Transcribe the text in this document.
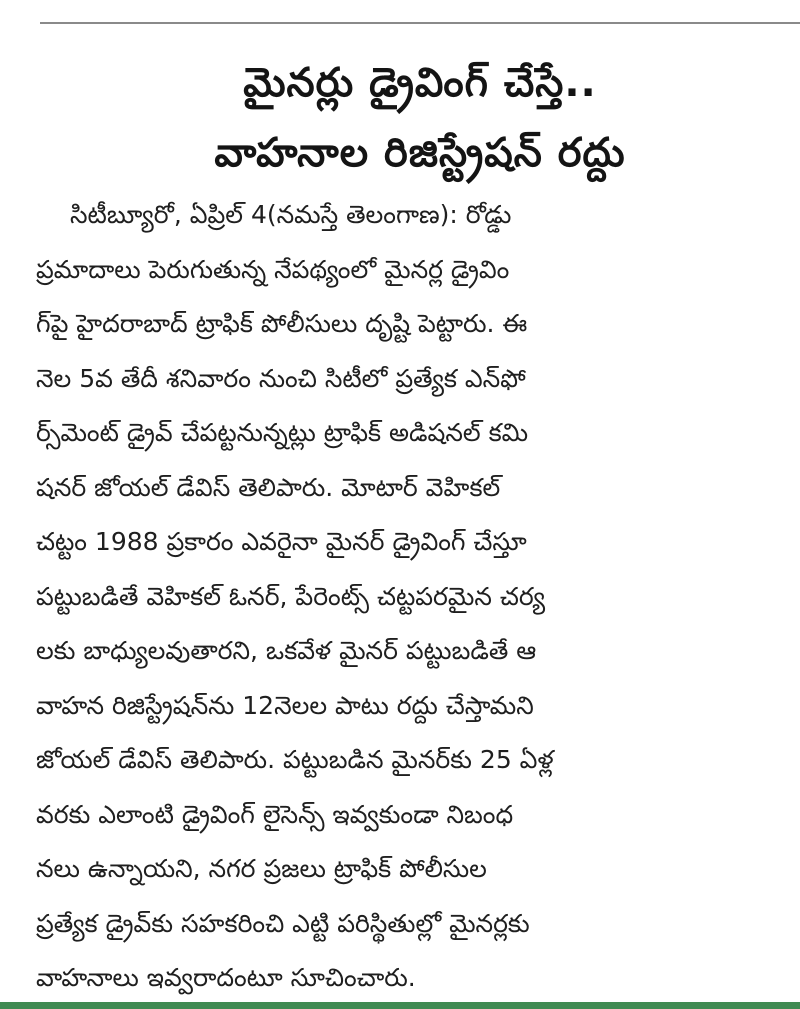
మైనర్లు డ్రైవింగ్ చేస్తే..
వాహనాల రిజిస్ట్రేషన్ రద్దు
సిటీబ్యూరో, ఏప్రిల్ 4(నమస్తే తెలంగాణ): రోడ్డు
ప్రమాదాలు పెరుగుతున్న నేపథ్యంలో మైనర్ల డ్రైవిం
గ్‌పై హైదరాబాద్ ట్రాఫిక్ పోలీసులు దృష్టి పెట్టారు. ఈ
నెల 5వ తేదీ శనివారం నుంచి సిటీలో ప్రత్యేక ఎన్‌ఫో
ర్స్‌మెంట్ డ్రైవ్ చేపట్టనున్నట్లు ట్రాఫిక్ అడిషనల్ కమి
షనర్ జోయల్ డేవిస్ తెలిపారు. మోటార్ వెహికల్
చట్టం 1988 ప్రకారం ఎవరైనా మైనర్ డ్రైవింగ్ చేస్తూ
పట్టుబడితే వెహికల్ ఓనర్, పేరెంట్స్ చట్టపరమైన చర్య
లకు బాధ్యులవుతారని, ఒకవేళ మైనర్ పట్టుబడితే ఆ
వాహన రిజిస్ట్రేషన్‌ను 12నెలల పాటు రద్దు చేస్తామని
జోయల్ డేవిస్ తెలిపారు. పట్టుబడిన మైనర్‌కు 25 ఏళ్ల
వరకు ఎలాంటి డ్రైవింగ్ లైసెన్స్ ఇవ్వకుండా నిబంధ
నలు ఉన్నాయని, నగర ప్రజలు ట్రాఫిక్ పోలీసుల
ప్రత్యేక డ్రైవ్‌కు సహకరించి ఎట్టి పరిస్థితుల్లో మైనర్లకు
వాహనాలు ఇవ్వరాదంటూ సూచించారు.
